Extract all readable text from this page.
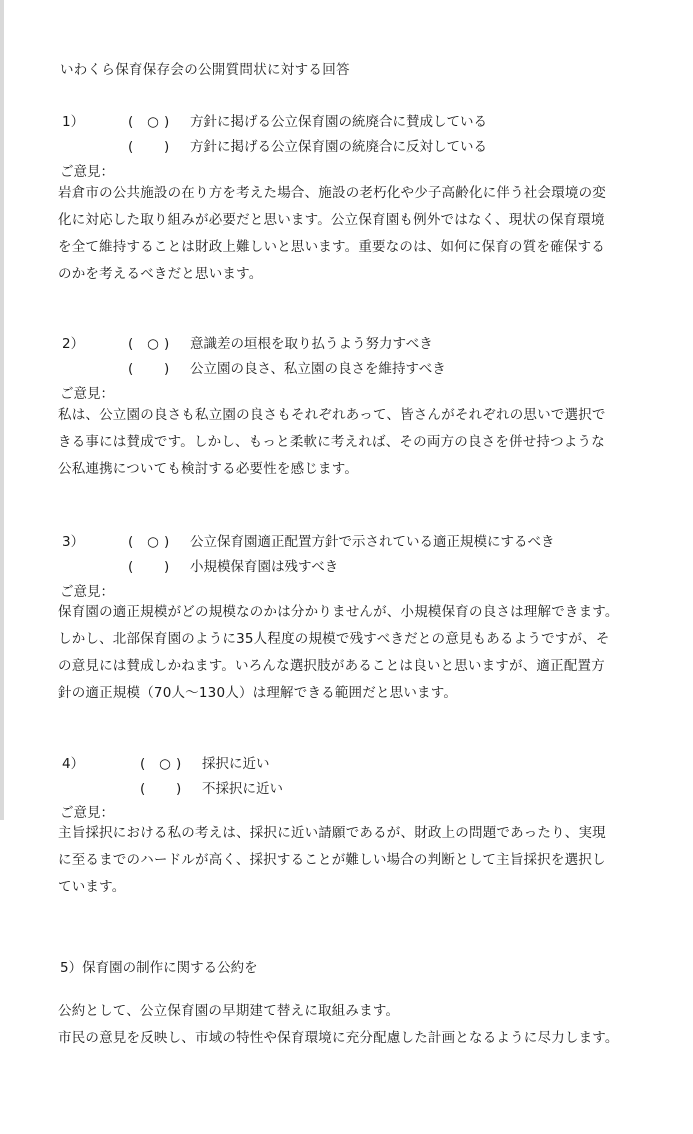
いわくら保育保存会の公開質問状に対する回答
1）	( ○ ) 方針に掲げる公立保育園の統廃合に賛成している
( ) 方針に掲げる公立保育園の統廃合に反対している
ご意見：
岩倉市の公共施設の在り方を考えた場合、施設の老朽化や少子高齢化に伴う社会環境の変
化に対応した取り組みが必要だと思います。公立保育園も例外ではなく、現状の保育環境
を全て維持することは財政上難しいと思います。重要なのは、如何に保育の質を確保する
のかを考えるべきだと思います。
2）	( ○ ) 意識差の垣根を取り払うよう努力すべき
( ) 公立園の良さ、私立園の良さを維持すべき
ご意見：
私は、公立園の良さも私立園の良さもそれぞれあって、皆さんがそれぞれの思いで選択で
きる事には賛成です。しかし、もっと柔軟に考えれば、その両方の良さを併せ持つような
公私連携についても検討する必要性を感じます。
3）	( ○ ) 公立保育園適正配置方針で示されている適正規模にするべき
( ) 小規模保育園は残すべき
ご意見：
保育園の適正規模がどの規模なのかは分かりませんが、小規模保育の良さは理解できます。
しかし、北部保育園のように35人程度の規模で残すべきだとの意見もあるようですが、そ
の意見には賛成しかねます。いろんな選択肢があることは良いと思いますが、適正配置方
針の適正規模（70人～130人）は理解できる範囲だと思います。
4）	( ○ ) 採択に近い
( ) 不採択に近い
ご意見：
主旨採択における私の考えは、採択に近い請願であるが、財政上の問題であったり、実現
に至るまでのハードルが高く、採択することが難しい場合の判断として主旨採択を選択し
ています。
5）保育園の制作に関する公約を
公約として、公立保育園の早期建て替えに取組みます。
市民の意見を反映し、市域の特性や保育環境に充分配慮した計画となるように尽力します。
